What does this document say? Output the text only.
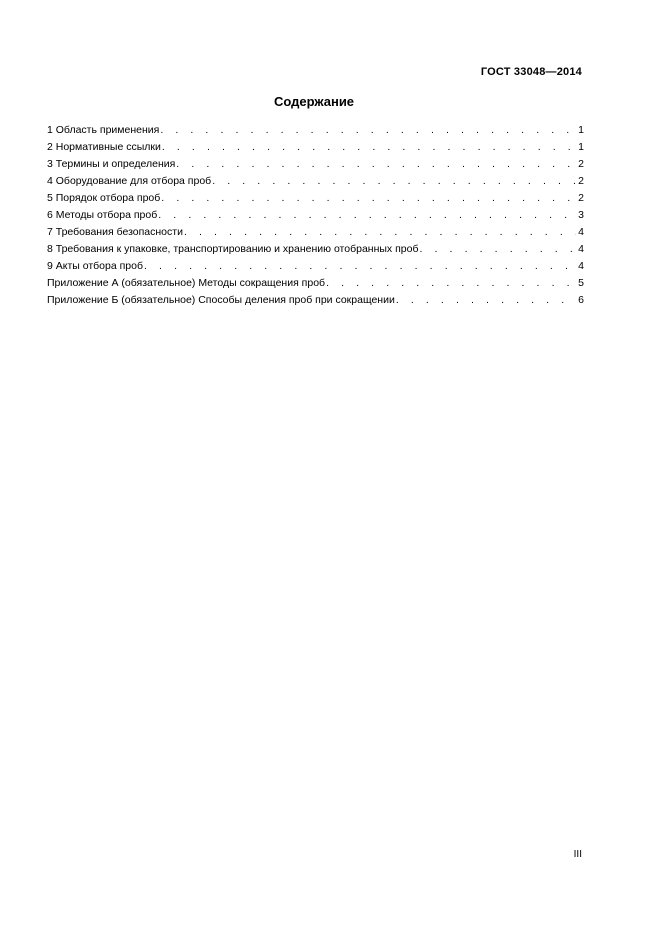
ГОСТ 33048—2014
Содержание
1 Область применения . . .	1
2 Нормативные ссылки . . .	1
3 Термины и определения . . .	2
4 Оборудование для отбора проб . . .	2
5 Порядок отбора проб . . .	2
6 Методы отбора проб . . .	3
7 Требования безопасности . . .	4
8 Требования к упаковке, транспортированию и хранению отобранных проб . . .	4
9 Акты отбора проб . . .	4
Приложение А (обязательное) Методы сокращения проб . . .	5
Приложение Б (обязательное) Способы деления проб при сокращении . . .	6
III
